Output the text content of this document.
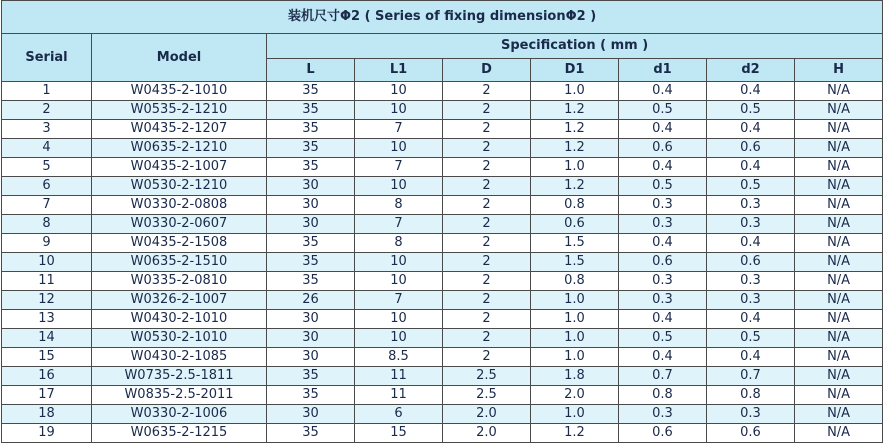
装机尺寸Φ2 ( Series of fixing dimensionΦ2 )								
Serial	Model	Specification ( mm )						
		L	L1	D	D1	d1	d2	H
1	W0435-2-1010	35	10	2	1.0	0.4	0.4	N/A
2	W0535-2-1210	35	10	2	1.2	0.5	0.5	N/A
3	W0435-2-1207	35	7	2	1.2	0.4	0.4	N/A
4	W0635-2-1210	35	10	2	1.2	0.6	0.6	N/A
5	W0435-2-1007	35	7	2	1.0	0.4	0.4	N/A
6	W0530-2-1210	30	10	2	1.2	0.5	0.5	N/A
7	W0330-2-0808	30	8	2	0.8	0.3	0.3	N/A
8	W0330-2-0607	30	7	2	0.6	0.3	0.3	N/A
9	W0435-2-1508	35	8	2	1.5	0.4	0.4	N/A
10	W0635-2-1510	35	10	2	1.5	0.6	0.6	N/A
11	W0335-2-0810	35	10	2	0.8	0.3	0.3	N/A
12	W0326-2-1007	26	7	2	1.0	0.3	0.3	N/A
13	W0430-2-1010	30	10	2	1.0	0.4	0.4	N/A
14	W0530-2-1010	30	10	2	1.0	0.5	0.5	N/A
15	W0430-2-1085	30	8.5	2	1.0	0.4	0.4	N/A
16	W0735-2.5-1811	35	11	2.5	1.8	0.7	0.7	N/A
17	W0835-2.5-2011	35	11	2.5	2.0	0.8	0.8	N/A
18	W0330-2-1006	30	6	2.0	1.0	0.3	0.3	N/A
19	W0635-2-1215	35	15	2.0	1.2	0.6	0.6	N/A
